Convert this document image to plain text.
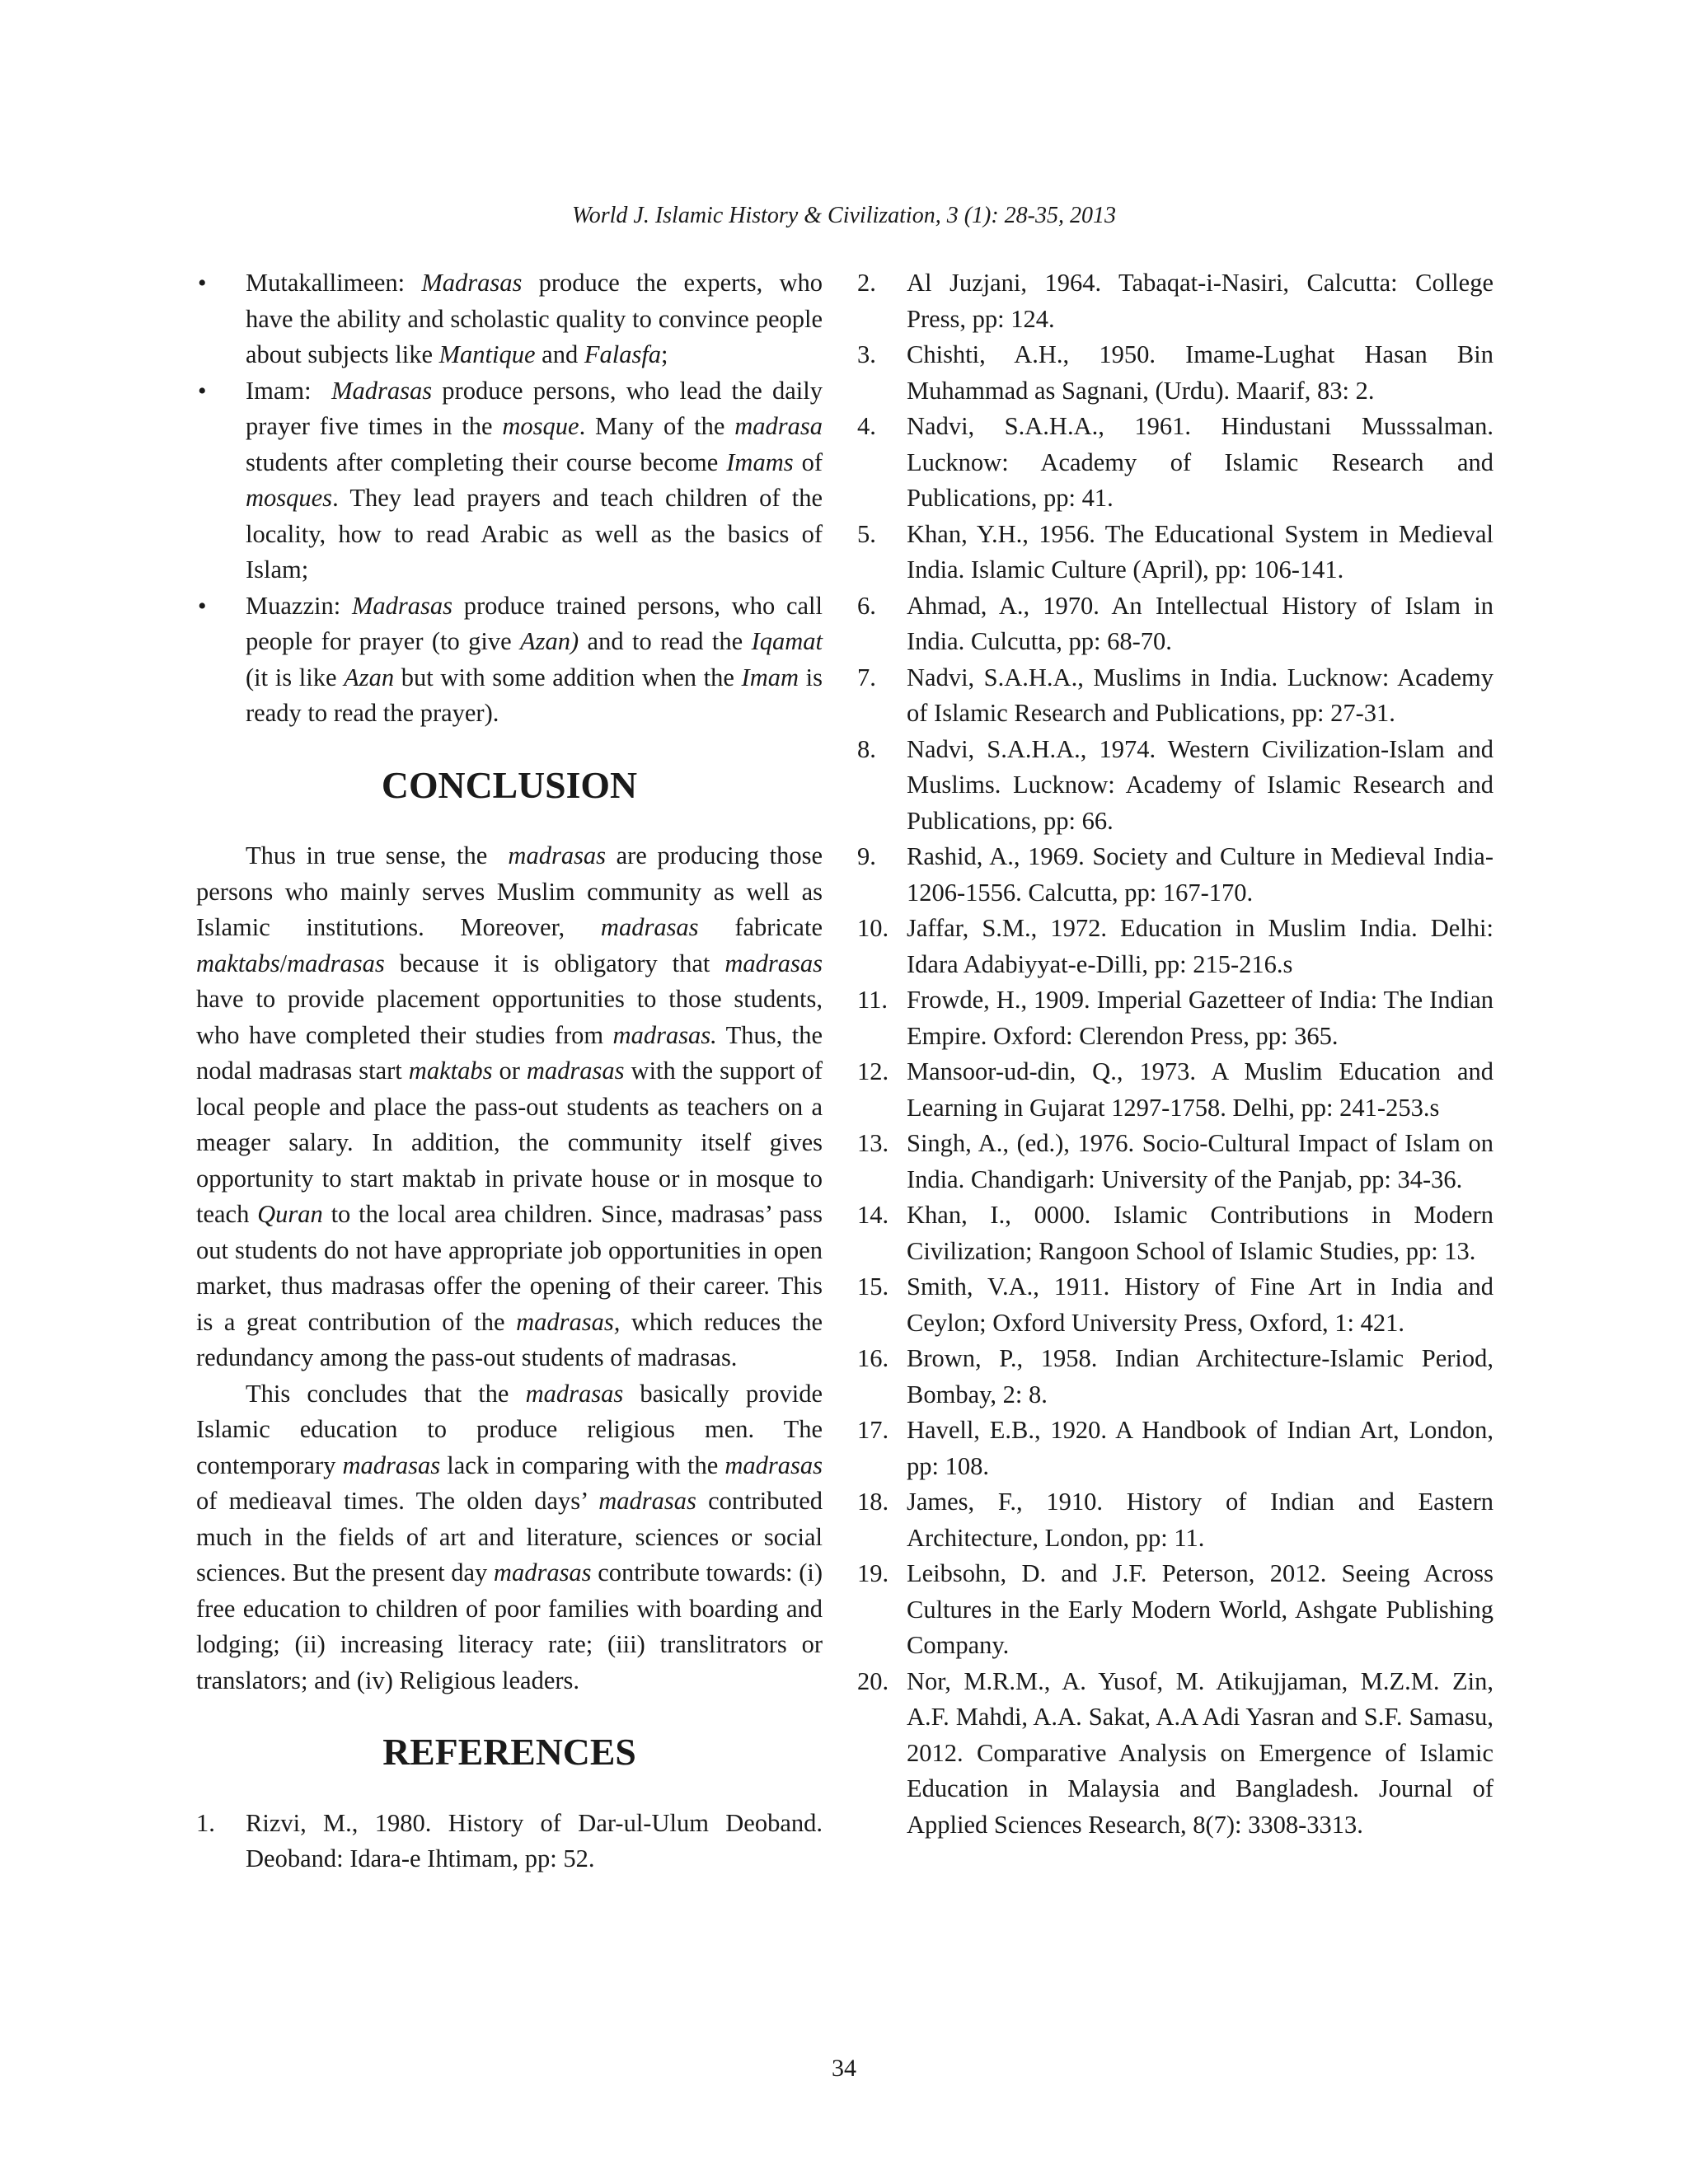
World J. Islamic History & Civilization, 3 (1): 28-35, 2013
• Mutakallimeen: Madrasas produce the experts, who have the ability and scholastic quality to convince people about subjects like Mantique and Falasfa;
• Imam:  Madrasas produce persons, who lead the daily prayer five times in the mosque. Many of the madrasa students after completing their course become Imams of mosques. They lead prayers and teach children of the locality, how to read Arabic as well as the basics of Islam;
• Muazzin: Madrasas produce trained persons, who call people for prayer (to give Azan) and to read the Iqamat (it is like Azan but with some addition when the Imam is ready to read the prayer).
CONCLUSION

Thus in true sense, the  madrasas are producing those persons who mainly serves Muslim community as well as Islamic institutions. Moreover, madrasas fabricate maktabs/madrasas because it is obligatory that madrasas have to provide placement opportunities to those students, who have completed their studies from madrasas. Thus, the nodal madrasas start maktabs or madrasas with the support of local people and place the pass-out students as teachers on a meager salary. In addition, the community itself gives opportunity to start maktab in private house or in mosque to teach Quran to the local area children. Since, madrasas’ pass out students do not have appropriate job opportunities in open market, thus madrasas offer the opening of their career. This is a great contribution of the madrasas, which reduces the redundancy among the pass-out students of madrasas.

This concludes that the madrasas basically provide Islamic education to produce religious men. The contemporary madrasas lack in comparing with the madrasas of medieaval times. The olden days’ madrasas contributed much in the fields of art and literature, sciences or social sciences. But the present day madrasas contribute towards: (i) free education to children of poor families with boarding and lodging; (ii) increasing literacy rate; (iii) translitrators or translators; and (iv) Religious leaders.

REFERENCES
1. Rizvi, M., 1980. History of Dar-ul-Ulum Deoband. Deoband: Idara-e Ihtimam, pp: 52.
2. Al Juzjani, 1964. Tabaqat-i-Nasiri, Calcutta: College Press, pp: 124.
3. Chishti, A.H., 1950. Imame-Lughat Hasan Bin Muhammad as Sagnani, (Urdu). Maarif, 83: 2.
4. Nadvi, S.A.H.A., 1961. Hindustani Musssalman. Lucknow: Academy of Islamic Research and Publications, pp: 41.
5. Khan, Y.H., 1956. The Educational System in Medieval India. Islamic Culture (April), pp: 106-141.
6. Ahmad, A., 1970. An Intellectual History of Islam in India. Culcutta, pp: 68-70.
7. Nadvi, S.A.H.A., Muslims in India. Lucknow: Academy of Islamic Research and Publications, pp: 27-31.
8. Nadvi, S.A.H.A., 1974. Western Civilization-Islam and Muslims. Lucknow: Academy of Islamic Research and Publications, pp: 66.
9. Rashid, A., 1969. Society and Culture in Medieval India-1206-1556. Calcutta, pp: 167-170.
10. Jaffar, S.M., 1972. Education in Muslim India. Delhi: Idara Adabiyyat-e-Dilli, pp: 215-216.s
11. Frowde, H., 1909. Imperial Gazetteer of India: The Indian Empire. Oxford: Clerendon Press, pp: 365.
12. Mansoor-ud-din, Q., 1973. A Muslim Education and Learning in Gujarat 1297-1758. Delhi, pp: 241-253.s
13. Singh, A., (ed.), 1976. Socio-Cultural Impact of Islam on India. Chandigarh: University of the Panjab, pp: 34-36.
14. Khan, I., 0000. Islamic Contributions in Modern Civilization; Rangoon School of Islamic Studies, pp: 13.
15. Smith, V.A., 1911. History of Fine Art in India and Ceylon; Oxford University Press, Oxford, 1: 421.
16. Brown, P., 1958. Indian Architecture-Islamic Period, Bombay, 2: 8.
17. Havell, E.B., 1920. A Handbook of Indian Art, London, pp: 108.
18. James, F., 1910. History of Indian and Eastern Architecture, London, pp: 11.
19. Leibsohn, D. and J.F. Peterson, 2012. Seeing Across Cultures in the Early Modern World, Ashgate Publishing Company.
20. Nor, M.R.M., A. Yusof, M. Atikujjaman, M.Z.M. Zin, A.F. Mahdi, A.A. Sakat, A.A Adi Yasran and S.F. Samasu, 2012. Comparative Analysis on Emergence of Islamic Education in Malaysia and Bangladesh. Journal of Applied Sciences Research, 8(7): 3308-3313.
34
